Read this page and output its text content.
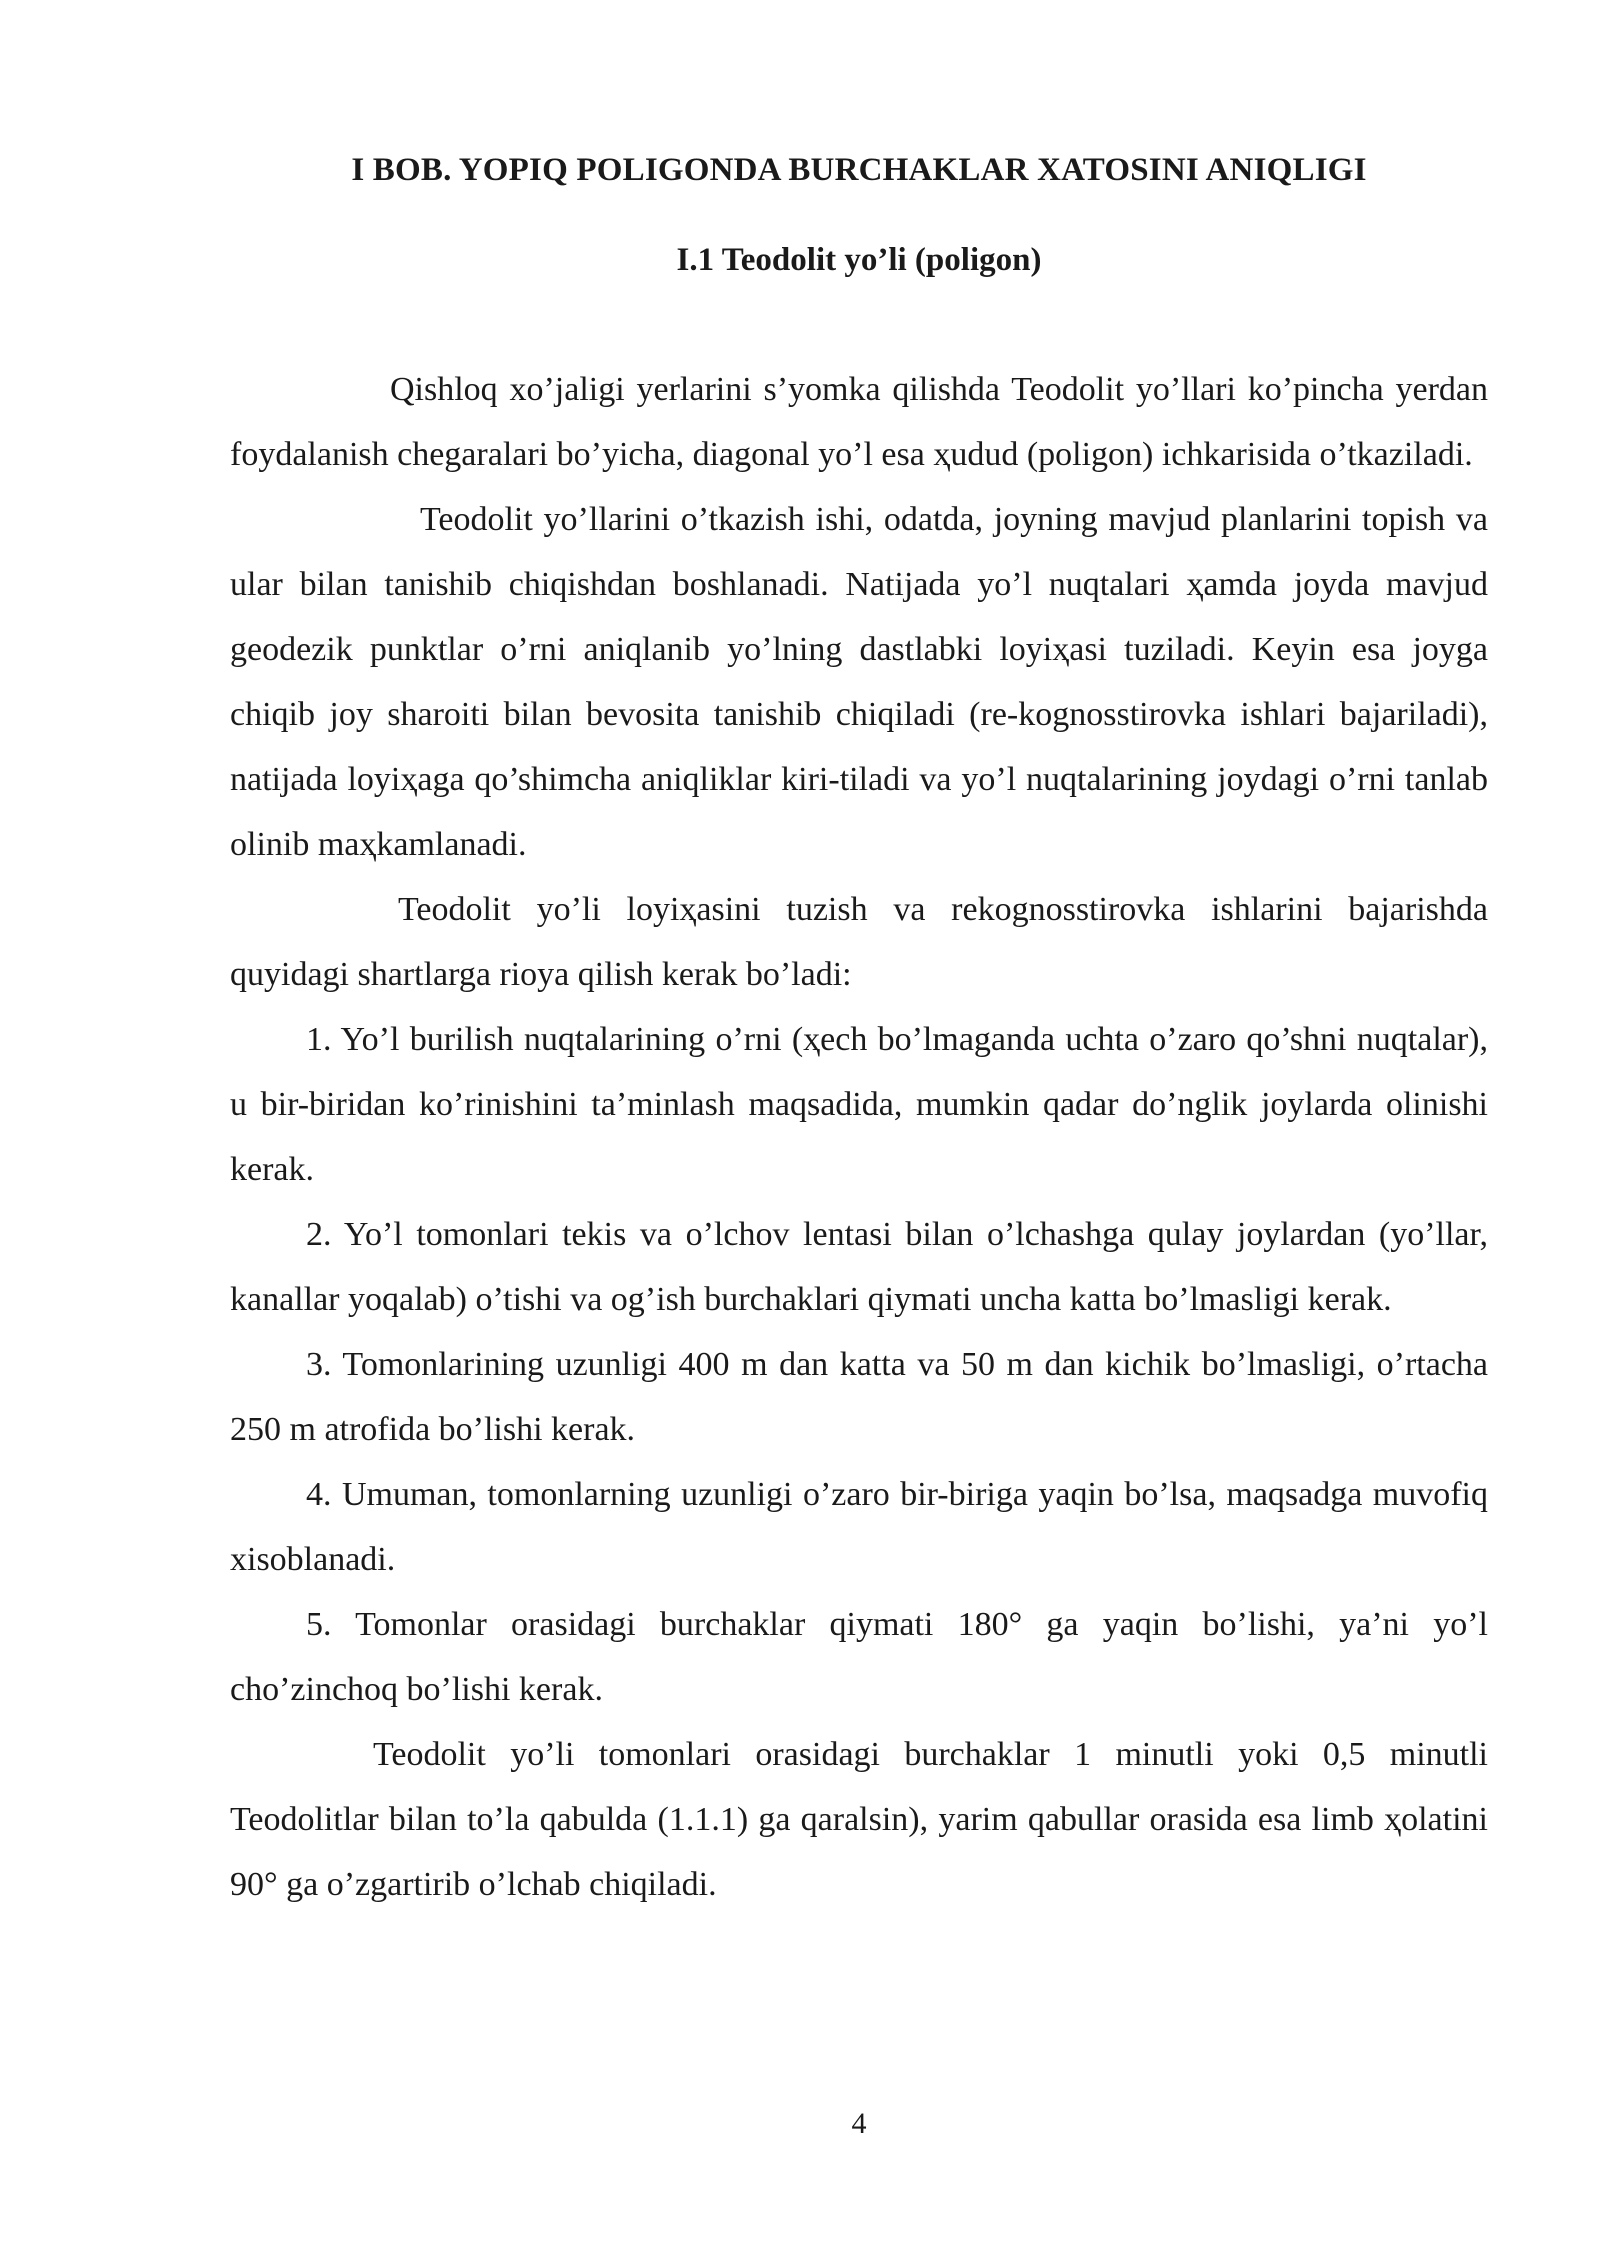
I BOB. YOPIQ POLIGONDA BURCHAKLAR XATOSINI ANIQLIGI
I.1 Teodolit yo’li (poligon)

Qishloq xo’jaligi yerlarini s’yomka qilishda Teodolit yo’llari ko’pincha yerdan foydalanish chegaralari bo’yicha, diagonal yo’l esa ҳudud (poligon) ichkarisida o’tkaziladi.

Teodolit yo’llarini o’tkazish ishi, odatda, joyning mavjud planlarini topish va ular bilan tanishib chiqishdan boshlanadi. Natijada yo’l nuqtalari ҳamda joyda mavjud geodezik punktlar o’rni aniqlanib yo’lning dastlabki loyiҳasi tuziladi. Keyin esa joyga chiqib joy sharoiti bilan bevosita tanishib chiqiladi (re-kognosstirovka ishlari bajariladi), natijada loyiҳaga qo’shimcha aniqliklar kiri-tiladi va yo’l nuqtalarining joydagi o’rni tanlab olinib maҳkamlanadi.

Teodolit yo’li loyiҳasini tuzish va rekognosstirovka ishlarini bajarishda quyidagi shartlarga rioya qilish kerak bo’ladi:

1. Yo’l burilish nuqtalarining o’rni (ҳech bo’lmaganda uchta o’zaro qo’shni nuqtalar), u bir-biridan ko’rinishini ta’minlash maqsadida, mumkin qadar do’nglik joylarda olinishi kerak.

2. Yo’l tomonlari tekis va o’lchov lentasi bilan o’lchashga qulay joylardan (yo’llar, kanallar yoqalab) o’tishi va og’ish burchaklari qiymati uncha katta bo’lmasligi kerak.

3. Tomonlarining uzunligi 400 m dan katta va 50 m dan kichik bo’lmasligi, o’rtacha 250 m atrofida bo’lishi kerak.

4. Umuman, tomonlarning uzunligi o’zaro bir-biriga yaqin bo’lsa, maqsadga muvofiq xisoblanadi.

5. Tomonlar orasidagi burchaklar qiymati 180° ga yaqin bo’lishi, ya’ni yo’l cho’zinchoq bo’lishi kerak.

Teodolit yo’li tomonlari orasidagi burchaklar 1 minutli yoki 0,5 minutli Teodolitlar bilan to’la qabulda (1.1.1) ga qaralsin), yarim qabullar orasida esa limb ҳolatini 90° ga o’zgartirib o’lchab chiqiladi.

4
